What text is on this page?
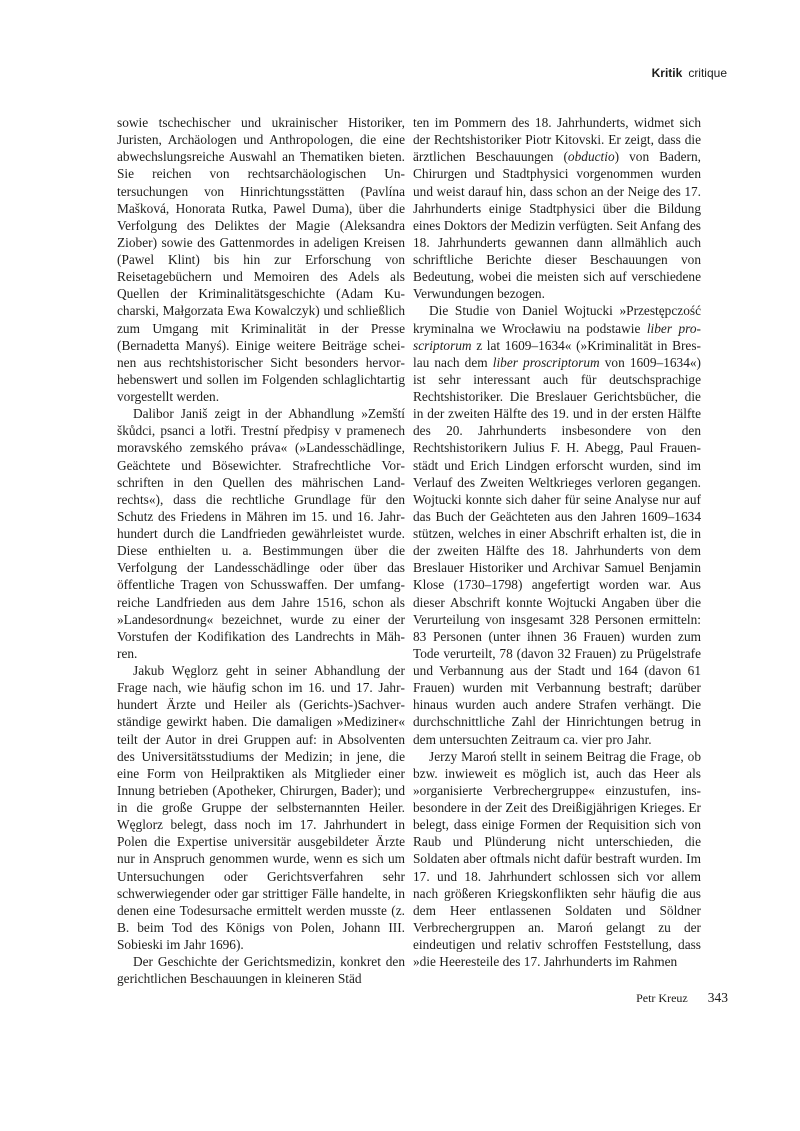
Kritik critique

sowie tschechischer und ukrainischer Historiker, Juristen, Archäologen und Anthropologen, die eine abwechslungsreiche Auswahl an Thematiken bieten. Sie reichen von rechtsarchäologischen Untersuchungen von Hinrichtungsstätten (Pavlína Mašková, Honorata Rutka, Pawel Duma), über die Verfolgung des Deliktes der Magie (Aleksandra Ziober) sowie des Gattenmordes in adeligen Kreisen (Pawel Klint) bis hin zur Erforschung von Reisetagebüchern und Memoiren des Adels als Quellen der Kriminalitätsgeschichte (Adam Kucharski, Małgorzata Ewa Kowalczyk) und schließlich zum Umgang mit Kriminalität in der Presse (Bernadetta Manyś). Einige weitere Beiträge scheinen aus rechtshistorischer Sicht besonders hervorhebenswert und sollen im Folgenden schlaglichtartig vorgestellt werden.

Dalibor Janiš zeigt in der Abhandlung »Zemští škůdci, psanci a lotři. Trestní předpisy v pramenech moravského zemského práva« (»Landesschädlinge, Geächtete und Bösewichter. Strafrechtliche Vorschriften in den Quellen des mährischen Landrechts«), dass die rechtliche Grundlage für den Schutz des Friedens in Mähren im 15. und 16. Jahrhundert durch die Landfrieden gewährleistet wurde. Diese enthielten u. a. Bestimmungen über die Verfolgung der Landesschädlinge oder über das öffentliche Tragen von Schusswaffen. Der umfangreiche Landfrieden aus dem Jahre 1516, schon als »Landesordnung« bezeichnet, wurde zu einer der Vorstufen der Kodifikation des Landrechts in Mähren.

Jakub Węglorz geht in seiner Abhandlung der Frage nach, wie häufig schon im 16. und 17. Jahrhundert Ärzte und Heiler als (Gerichts-)Sachverständige gewirkt haben. Die damaligen »Mediziner« teilt der Autor in drei Gruppen auf: in Absolventen des Universitätsstudiums der Medizin; in jene, die eine Form von Heilpraktiken als Mitglieder einer Innung betrieben (Apotheker, Chirurgen, Bader); und in die große Gruppe der selbsternannten Heiler. Węglorz belegt, dass noch im 17. Jahrhundert in Polen die Expertise universitär ausgebildeter Ärzte nur in Anspruch genommen wurde, wenn es sich um Untersuchungen oder Gerichtsverfahren sehr schwerwiegender oder gar strittiger Fälle handelte, in denen eine Todesursache ermittelt werden musste (z. B. beim Tod des Königs von Polen, Johann III. Sobieski im Jahr 1696).

Der Geschichte der Gerichtsmedizin, konkret den gerichtlichen Beschauungen in kleineren Städ

ten im Pommern des 18. Jahrhunderts, widmet sich der Rechtshistoriker Piotr Kitovski. Er zeigt, dass die ärztlichen Beschauungen (obductio) von Badern, Chirurgen und Stadtphysici vorgenommen wurden und weist darauf hin, dass schon an der Neige des 17. Jahrhunderts einige Stadtphysici über die Bildung eines Doktors der Medizin verfügten. Seit Anfang des 18. Jahrhunderts gewannen dann allmählich auch schriftliche Berichte dieser Beschauungen von Bedeutung, wobei die meisten sich auf verschiedene Verwundungen bezogen.

Die Studie von Daniel Wojtucki »Przestępczość kryminalna we Wrocławiu na podstawie liber proscriptorum z lat 1609–1634« (»Kriminalität in Breslau nach dem liber proscriptorum von 1609–1634«) ist sehr interessant auch für deutschsprachige Rechtshistoriker. Die Breslauer Gerichtsbücher, die in der zweiten Hälfte des 19. und in der ersten Hälfte des 20. Jahrhunderts insbesondere von den Rechtshistorikern Julius F. H. Abegg, Paul Frauenstädt und Erich Lindgen erforscht wurden, sind im Verlauf des Zweiten Weltkrieges verloren gegangen. Wojtucki konnte sich daher für seine Analyse nur auf das Buch der Geächteten aus den Jahren 1609–1634 stützen, welches in einer Abschrift erhalten ist, die in der zweiten Hälfte des 18. Jahrhunderts von dem Breslauer Historiker und Archivar Samuel Benjamin Klose (1730–1798) angefertigt worden war. Aus dieser Abschrift konnte Wojtucki Angaben über die Verurteilung von insgesamt 328 Personen ermitteln: 83 Personen (unter ihnen 36 Frauen) wurden zum Tode verurteilt, 78 (davon 32 Frauen) zu Prügelstrafe und Verbannung aus der Stadt und 164 (davon 61 Frauen) wurden mit Verbannung bestraft; darüber hinaus wurden auch andere Strafen verhängt. Die durchschnittliche Zahl der Hinrichtungen betrug in dem untersuchten Zeitraum ca. vier pro Jahr.

Jerzy Maroń stellt in seinem Beitrag die Frage, ob bzw. inwieweit es möglich ist, auch das Heer als »organisierte Verbrechergruppe« einzustufen, insbesondere in der Zeit des Dreißigjährigen Krieges. Er belegt, dass einige Formen der Requisition sich von Raub und Plünderung nicht unterschieden, die Soldaten aber oftmals nicht dafür bestraft wurden. Im 17. und 18. Jahrhundert schlossen sich vor allem nach größeren Kriegskonflikten sehr häufig die aus dem Heer entlassenen Soldaten und Söldner Verbrechergruppen an. Maroń gelangt zu der eindeutigen und relativ schroffen Feststellung, dass »die Heeresteile des 17. Jahrhunderts im Rahmen

Petr Kreuz 343
